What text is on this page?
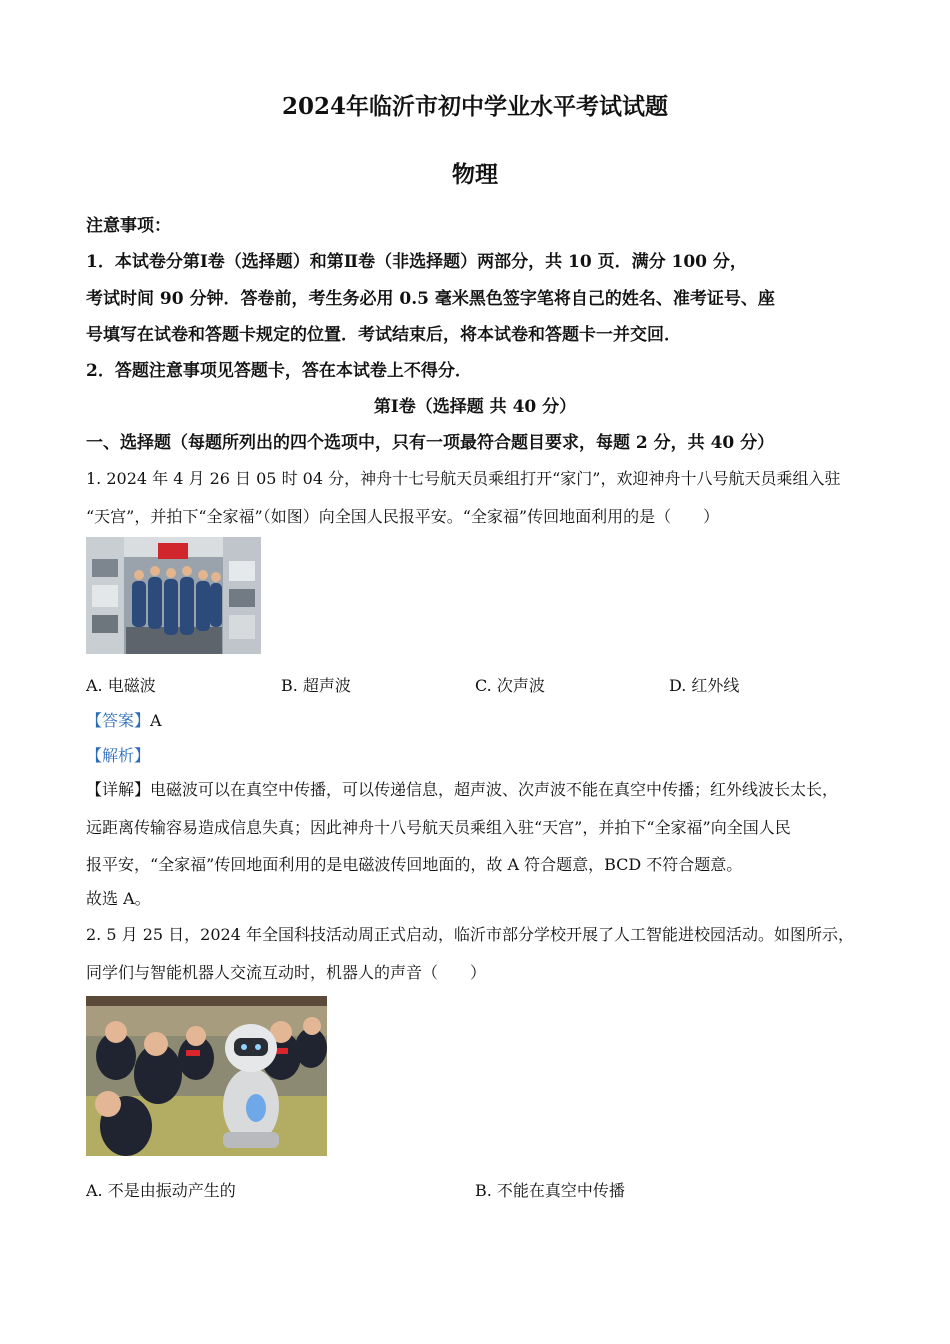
2024年临沂市初中学业水平考试试题
物理
注意事项：
1．本试卷分第Ⅰ卷（选择题）和第Ⅱ卷（非选择题）两部分，共 10 页．满分 100 分，
考试时间 90 分钟．答卷前，考生务必用 0.5 毫米黑色签字笔将自己的姓名、准考证号、座
号填写在试卷和答题卡规定的位置．考试结束后，将本试卷和答题卡一并交回．
2．答题注意事项见答题卡，答在本试卷上不得分．
第Ⅰ卷（选择题 共 40 分）
一、选择题（每题所列出的四个选项中，只有一项最符合题目要求，每题 2 分，共 40 分）
1. 2024 年 4 月 26 日 05 时 04 分，神舟十七号航天员乘组打开“家门”，欢迎神舟十八号航天员乘组入驻
“天宫”，并拍下“全家福”（如图）向全国人民报平安。“全家福”传回地面利用的是（　　）
A. 电磁波	B. 超声波	C. 次声波	D. 红外线
【答案】A
【解析】
【详解】电磁波可以在真空中传播，可以传递信息，超声波、次声波不能在真空中传播；红外线波长太长，
远距离传输容易造成信息失真；因此神舟十八号航天员乘组入驻“天宫”，并拍下“全家福”向全国人民
报平安，“全家福”传回地面利用的是电磁波传回地面的，故 A 符合题意，BCD 不符合题意。
故选 A。
2. 5 月 25 日，2024 年全国科技活动周正式启动，临沂市部分学校开展了人工智能进校园活动。如图所示，
同学们与智能机器人交流互动时，机器人的声音（　　）
A. 不是由振动产生的	B. 不能在真空中传播
